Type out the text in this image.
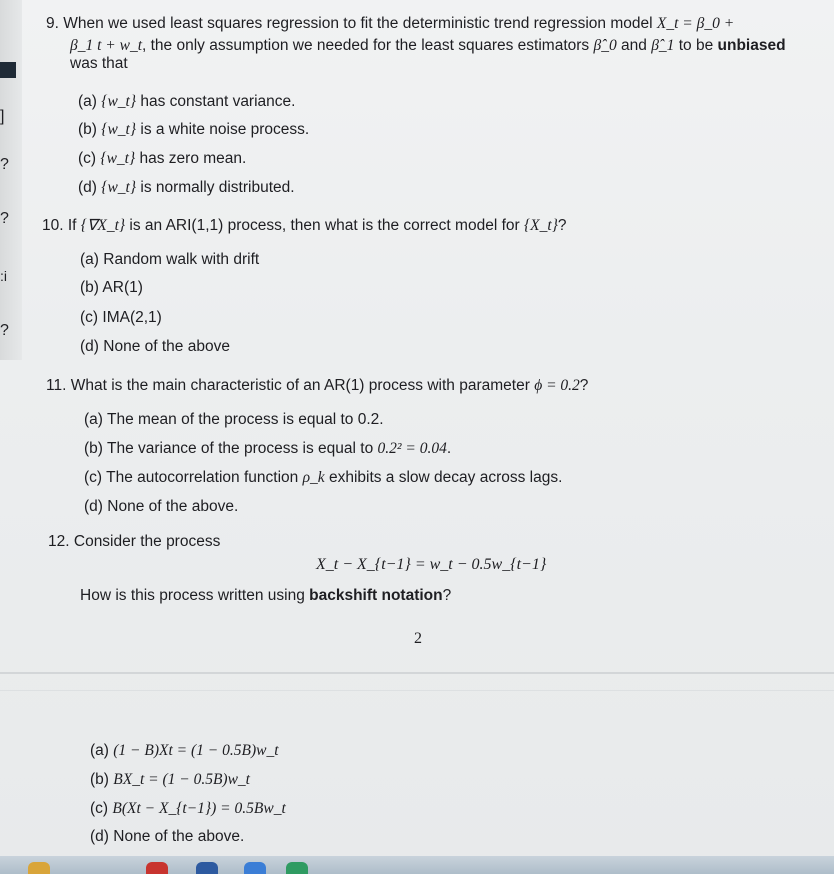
]
?
?
:i
?
9. When we used least squares regression to fit the deterministic trend regression model X_t = β_0 +
β_1 t + w_t, the only assumption we needed for the least squares estimators β̂_0 and β̂_1 to be unbiased
was that
(a) {w_t} has constant variance.
(b) {w_t} is a white noise process.
(c) {w_t} has zero mean.
(d) {w_t} is normally distributed.
10. If {∇X_t} is an ARI(1,1) process, then what is the correct model for {X_t}?
(a) Random walk with drift
(b) AR(1)
(c) IMA(2,1)
(d) None of the above
11. What is the main characteristic of an AR(1) process with parameter ϕ = 0.2?
(a) The mean of the process is equal to 0.2.
(b) The variance of the process is equal to 0.2² = 0.04.
(c) The autocorrelation function ρ_k exhibits a slow decay across lags.
(d) None of the above.
12. Consider the process
X_t − X_{t−1} = w_t − 0.5w_{t−1}
How is this process written using backshift notation?
2
(a) (1 − B)Xt = (1 − 0.5B)w_t
(b) BX_t = (1 − 0.5B)w_t
(c) B(Xt − X_{t−1}) = 0.5Bw_t
(d) None of the above.
